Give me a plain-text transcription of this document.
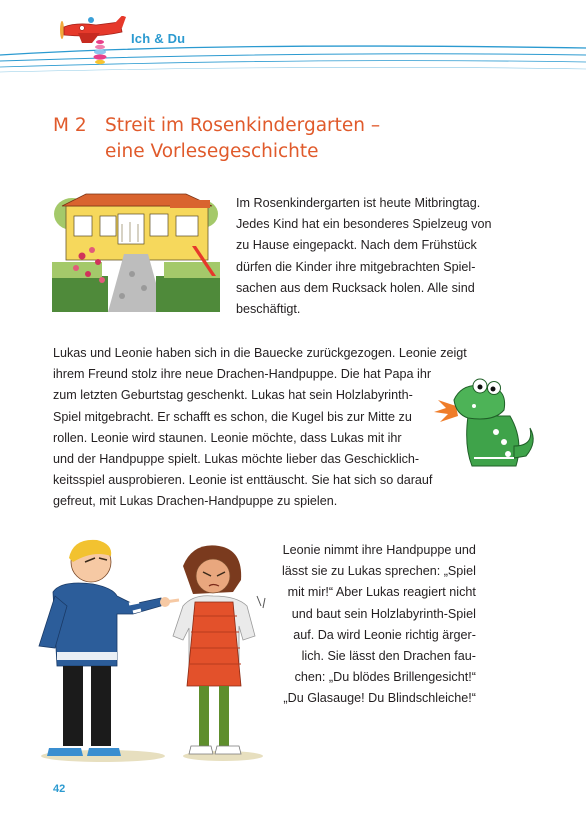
Ich & Du
M 2 Streit im Rosenkindergarten –
eine Vorlesegeschichte
Im Rosenkindergarten ist heute Mitbringtag.
Jedes Kind hat ein besonderes Spielzeug von
zu Hause eingepackt. Nach dem Frühstück
dürfen die Kinder ihre mitgebrachten Spiel-
sachen aus dem Rucksack holen. Alle sind
beschäftigt.
Lukas und Leonie haben sich in die Bauecke zurückgezogen. Leonie zeigt
ihrem Freund stolz ihre neue Drachen-Handpuppe. Die hat Papa ihr
zum letzten Geburtstag geschenkt. Lukas hat sein Holzlabyrinth-
Spiel mitgebracht. Er schafft es schon, die Kugel bis zur Mitte zu
rollen. Leonie wird staunen. Leonie möchte, dass Lukas mit ihr
und der Handpuppe spielt. Lukas möchte lieber das Geschicklich-
keitsspiel ausprobieren. Leonie ist enttäuscht. Sie hat sich so darauf
gefreut, mit Lukas Drachen-Handpuppe zu spielen.
Leonie nimmt ihre Handpuppe und
lässt sie zu Lukas sprechen: „Spiel
mit mir!“ Aber Lukas reagiert nicht
und baut sein Holzlabyrinth-Spiel
auf. Da wird Leonie richtig ärger-
lich. Sie lässt den Drachen fau-
chen: „Du blödes Brillengesicht!“
„Du Glasauge! Du Blindschleiche!“
42
